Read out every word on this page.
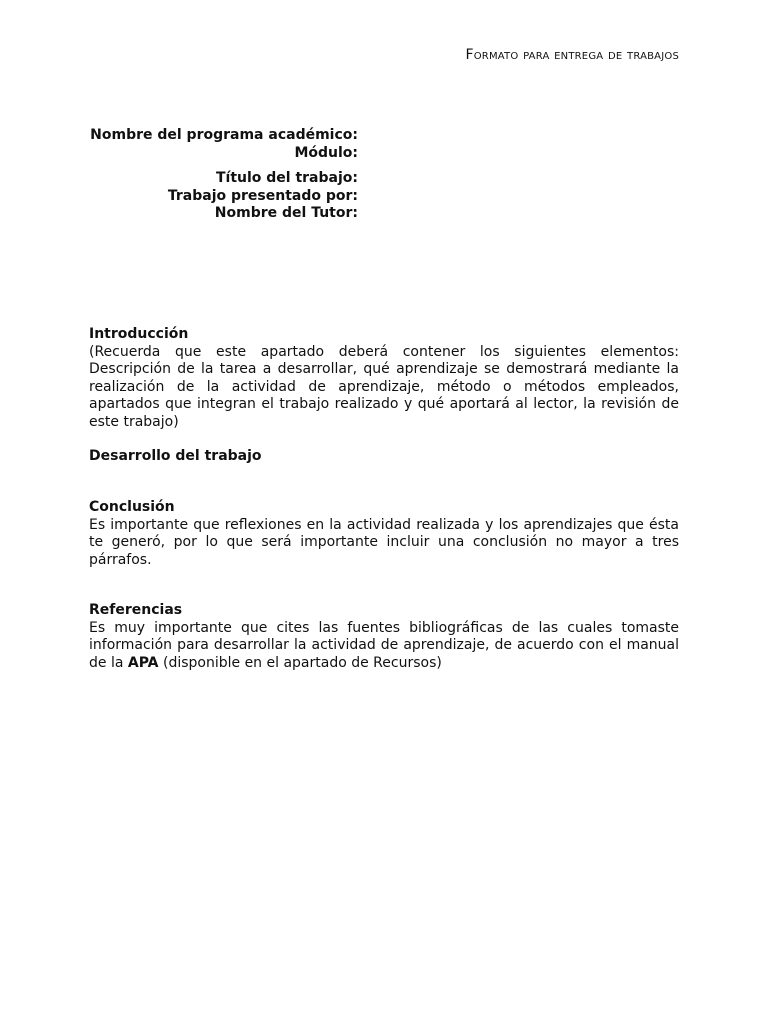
Formato para entrega de trabajos
Nombre del programa académico:
Módulo:
Título del trabajo:
Trabajo presentado por:
Nombre del Tutor:
Introducción

(Recuerda que este apartado deberá contener los siguientes elementos: Descripción de la tarea a desarrollar, qué aprendizaje se demostrará mediante la realización de la actividad de aprendizaje, método o métodos empleados, apartados que integran el trabajo realizado y qué aportará al lector, la revisión de este trabajo)

Desarrollo del trabajo
Conclusión

Es importante que reflexiones en la actividad realizada y los aprendizajes que ésta te generó, por lo que será importante incluir una conclusión no mayor a tres párrafos.

Referencias

Es muy importante que cites las fuentes bibliográficas de las cuales tomaste información para desarrollar la actividad de aprendizaje, de acuerdo con el manual de la APA (disponible en el apartado de Recursos)
